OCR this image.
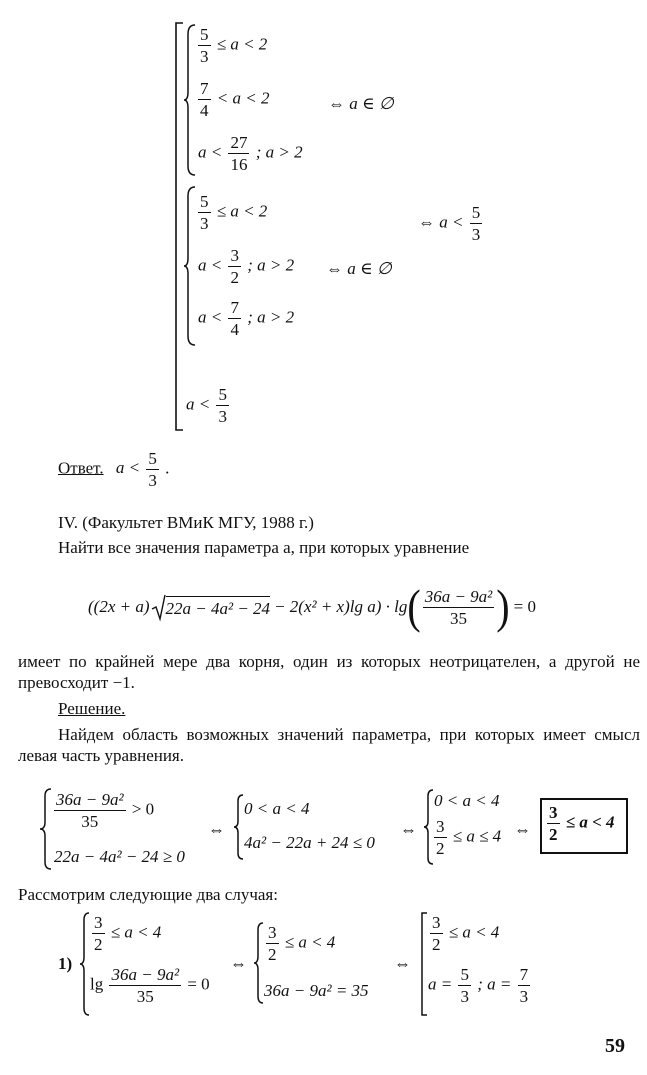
$\frac{5}{3} \le a < 2$
$\frac{7}{4} < a < 2$
$a < \frac{27}{16}$ ; a > 2
⇔ a ∈ ∅
$\frac{5}{3} \le a < 2$
$a < \frac{3}{2}$ ; a > 2
$a < \frac{7}{4}$ ; a > 2
⇔ a ∈ ∅
⇔ $a < \frac{5}{3}$
$a < \frac{5}{3}$
Ответ. $a < \frac{5}{3}$ .
IV. (Факультет ВМиК МГУ, 1988 г.)
Найти все значения параметра a, при которых уравнение
((2x + a) 22a − 4a² − 24 − 2(x² + x)lg a) · lg ( $\frac{\text{36a − 9a²}}{35}$ ) = 0
имеет по крайней мере два корня, один из которых неотрицателен, а другой не превосходит −1.
Решение.
Найдем область возможных значений параметра, при которых имеет смысл левая часть уравнения.
$\frac{\text{36a − 9a²}}{35} > 0$
22a − 4a² − 24 ≥ 0
⇔
0 < a < 4
4a² − 22a + 24 ≤ 0
⇔
0 < a < 4
$\frac{3}{2} \le a \le 4$ ⇔ $\frac{3}{2} \le a < 4$
Рассмотрим следующие два случая:
1)
$\frac{3}{2} \le a < 4$
$\lg \frac{\text{36a − 9a²}}{35} = 0$
⇔
$\frac{3}{2} \le a < 4$
36a − 9a² = 35
⇔
$\frac{3}{2} \le a < 4$
$a = \frac{5}{3}$ ; $a = \frac{7}{3}$
59
